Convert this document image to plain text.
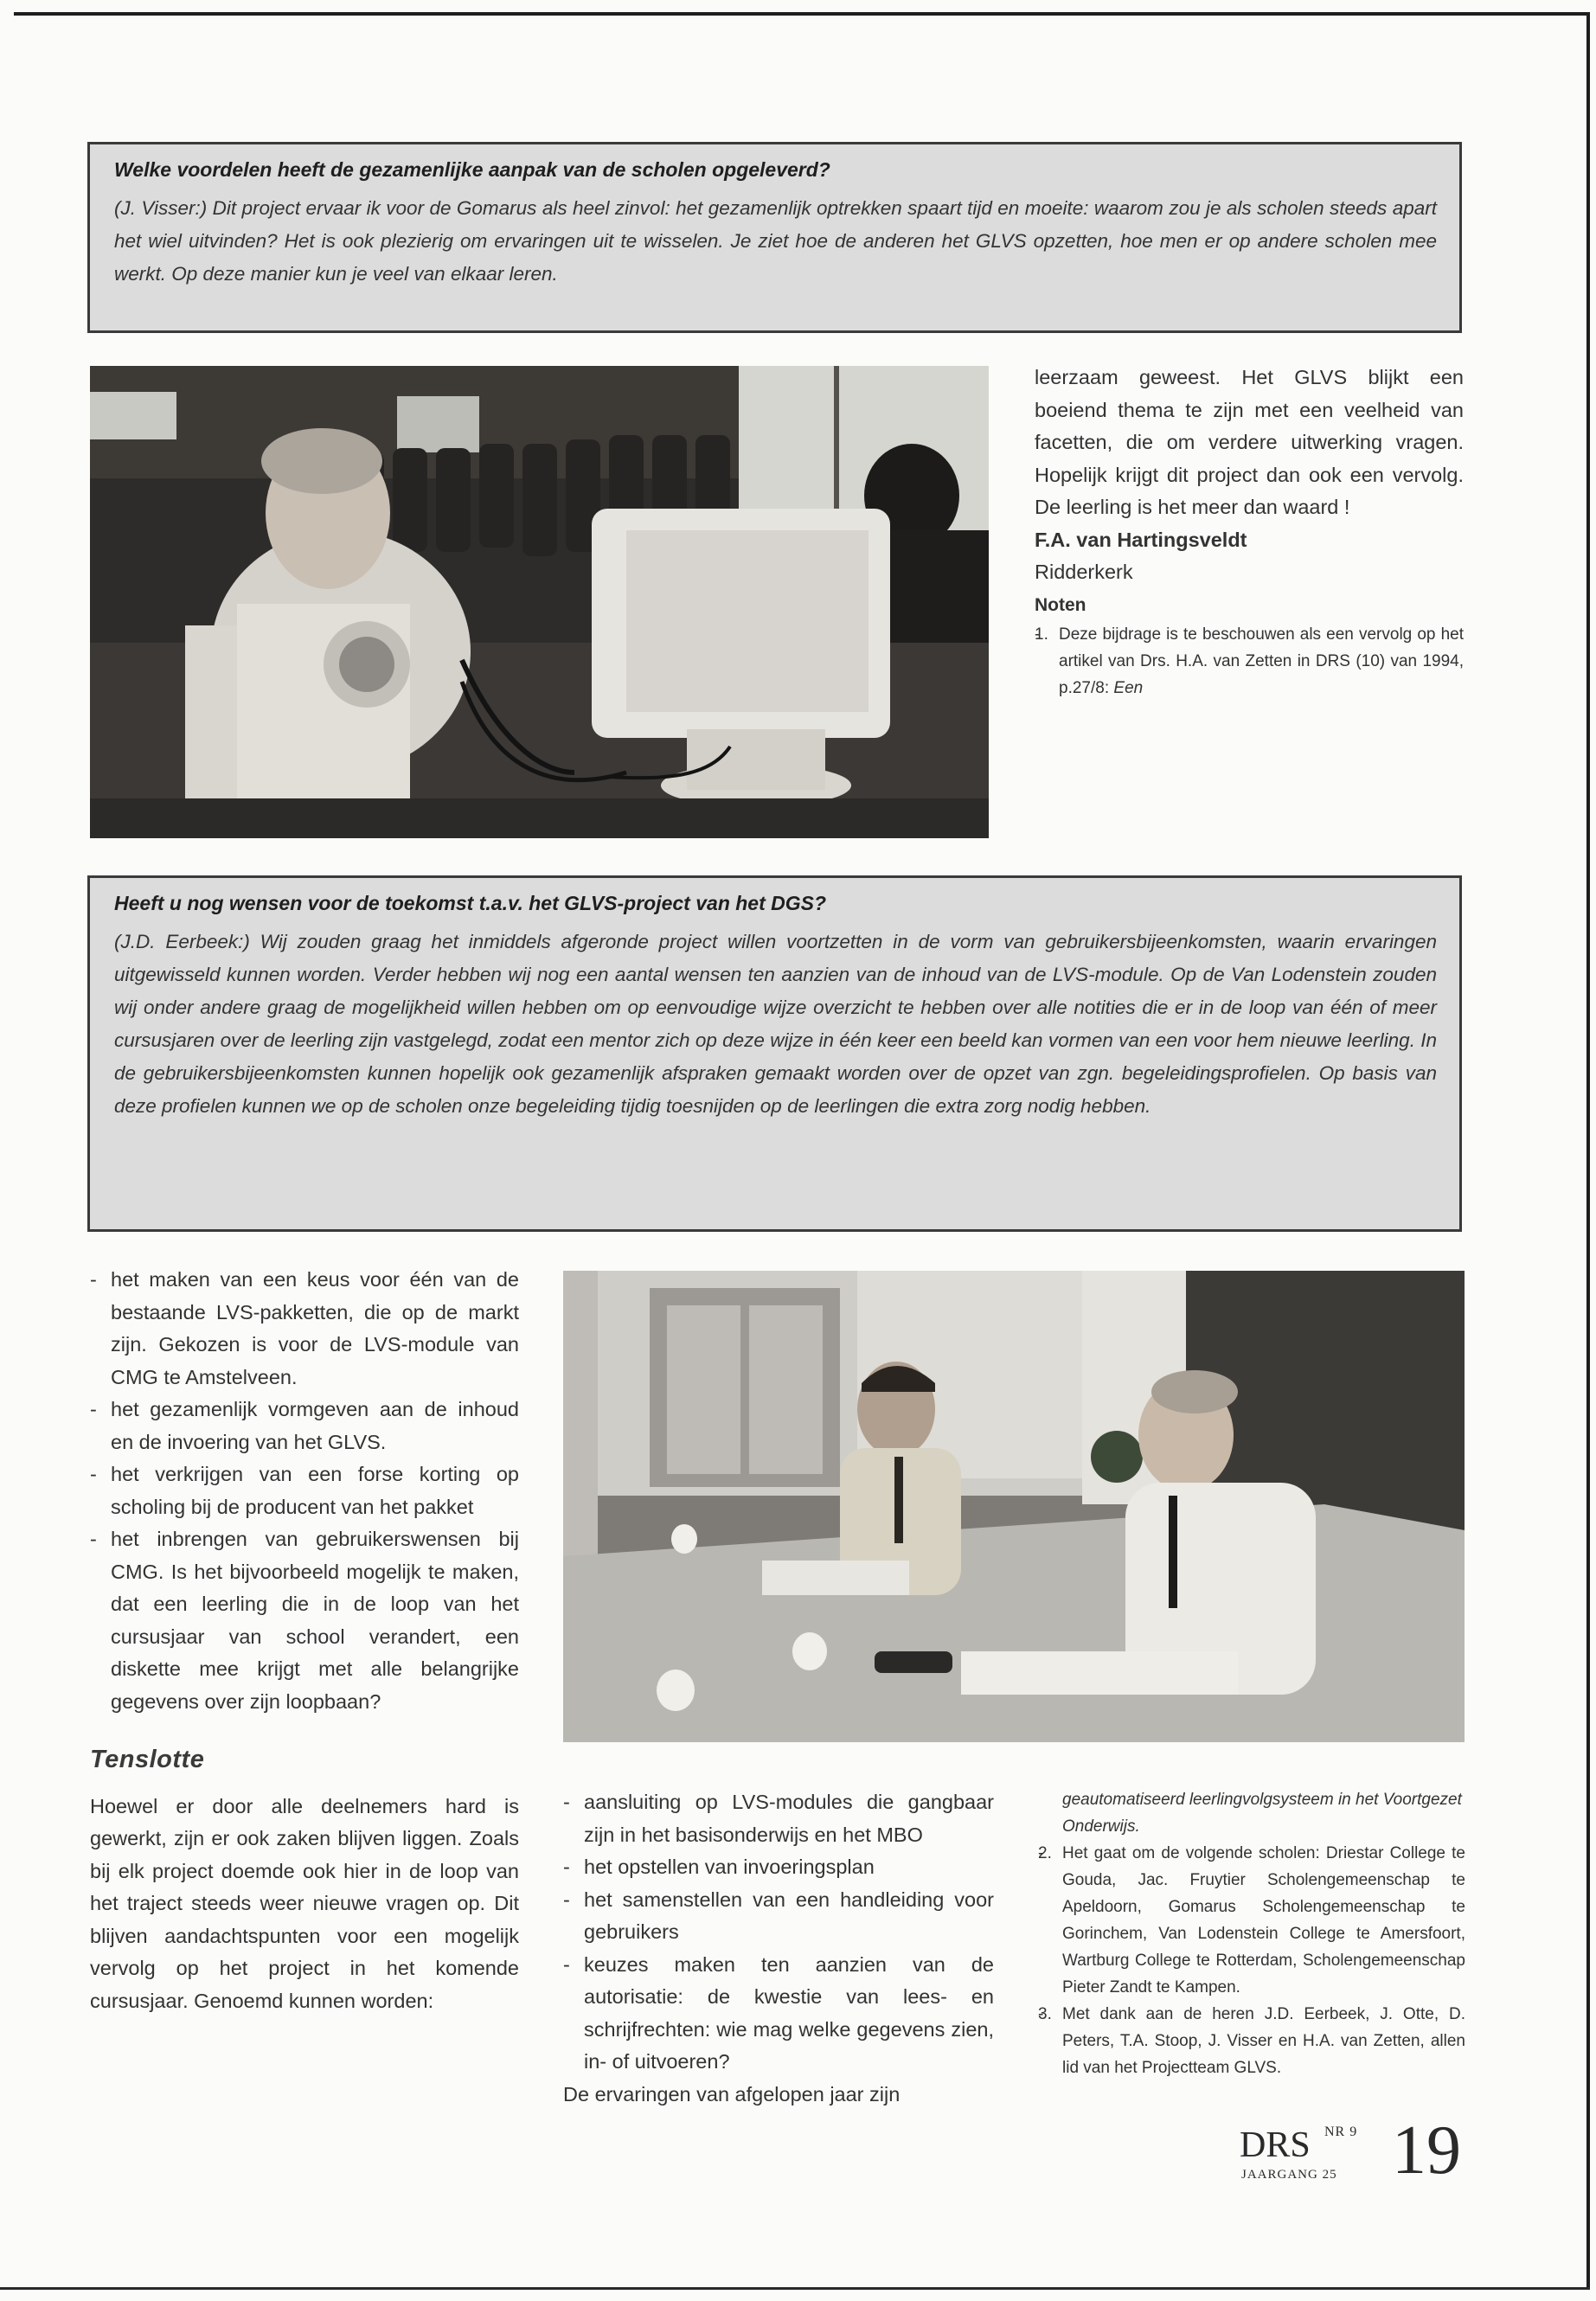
Welke voordelen heeft de gezamenlijke aanpak van de scholen opgeleverd?

(J. Visser:) Dit project ervaar ik voor de Gomarus als heel zinvol: het gezamenlijk optrekken spaart tijd en moeite: waarom zou je als scholen steeds apart het wiel uitvinden? Het is ook plezierig om ervaringen uit te wisselen. Je ziet hoe de anderen het GLVS opzetten, hoe men er op andere scholen mee werkt. Op deze manier kun je veel van elkaar leren.

leerzaam geweest. Het GLVS blijkt een boeiend thema te zijn met een veelheid van facetten, die om verdere uitwerking vragen. Hopelijk krijgt dit project dan ook een vervolg. De leerling is het meer dan waard !

F.A. van Hartingsveldt

Ridderkerk

Noten

- 1. Deze bijdrage is te beschouwen als een vervolg op het artikel van Drs. H.A. van Zetten in DRS (10) van 1994, p.27/8: Een
Heeft u nog wensen voor de toekomst t.a.v. het GLVS-project van het DGS?

(J.D. Eerbeek:) Wij zouden graag het inmiddels afgeronde project willen voortzetten in de vorm van gebruikersbijeenkomsten, waarin ervaringen uitgewisseld kunnen worden. Verder hebben wij nog een aantal wensen ten aanzien van de inhoud van de LVS-module. Op de Van Lodenstein zouden wij onder andere graag de mogelijkheid willen hebben om op eenvoudige wijze overzicht te hebben over alle notities die er in de loop van één of meer cursusjaren over de leerling zijn vastgelegd, zodat een mentor zich op deze wijze in één keer een beeld kan vormen van een voor hem nieuwe leerling. In de gebruikersbijeenkomsten kunnen hopelijk ook gezamenlijk afspraken gemaakt worden over de opzet van zgn. begeleidingsprofielen. Op basis van deze profielen kunnen we op de scholen onze begeleiding tijdig toesnijden op de leerlingen die extra zorg nodig hebben.

- het maken van een keus voor één van de bestaande LVS-pakketten, die op de markt zijn. Gekozen is voor de LVS-module van CMG te Amstelveen.
- het gezamenlijk vormgeven aan de inhoud en de invoering van het GLVS.
- het verkrijgen van een forse korting op scholing bij de producent van het pakket
- het inbrengen van gebruikerswensen bij CMG. Is het bijvoorbeeld mogelijk te maken, dat een leerling die in de loop van het cursusjaar van school verandert, een diskette mee krijgt met alle belangrijke gegevens over zijn loopbaan?
Tenslotte

Hoewel er door alle deelnemers hard is gewerkt, zijn er ook zaken blijven liggen. Zoals bij elk project doemde ook hier in de loop van het traject steeds weer nieuwe vragen op. Dit blijven aandachtspunten voor een mogelijk vervolg op het project in het komende cursusjaar. Genoemd kunnen worden:

- aansluiting op LVS-modules die gangbaar zijn in het basisonderwijs en het MBO
- het opstellen van invoeringsplan
- het samenstellen van een handleiding voor gebruikers
- keuzes maken ten aanzien van de autorisatie: de kwestie van lees- en schrijfrechten: wie mag welke gegevens zien, in- of uitvoeren?

De ervaringen van afgelopen jaar zijn

geautomatiseerd leerlingvolgsysteem in het Voortgezet Onderwijs.

- 2. Het gaat om de volgende scholen: Driestar College te Gouda, Jac. Fruytier Scholengemeenschap te Apeldoorn, Gomarus Scholengemeenschap te Gorinchem, Van Lodenstein College te Amersfoort, Wartburg College te Rotterdam, Scholengemeenschap Pieter Zandt te Kampen.
- 3. Met dank aan de heren J.D. Eerbeek, J. Otte, D. Peters, T.A. Stoop, J. Visser en H.A. van Zetten, allen lid van het Projectteam GLVS.
DRS NR 9
JAARGANG 25 19
